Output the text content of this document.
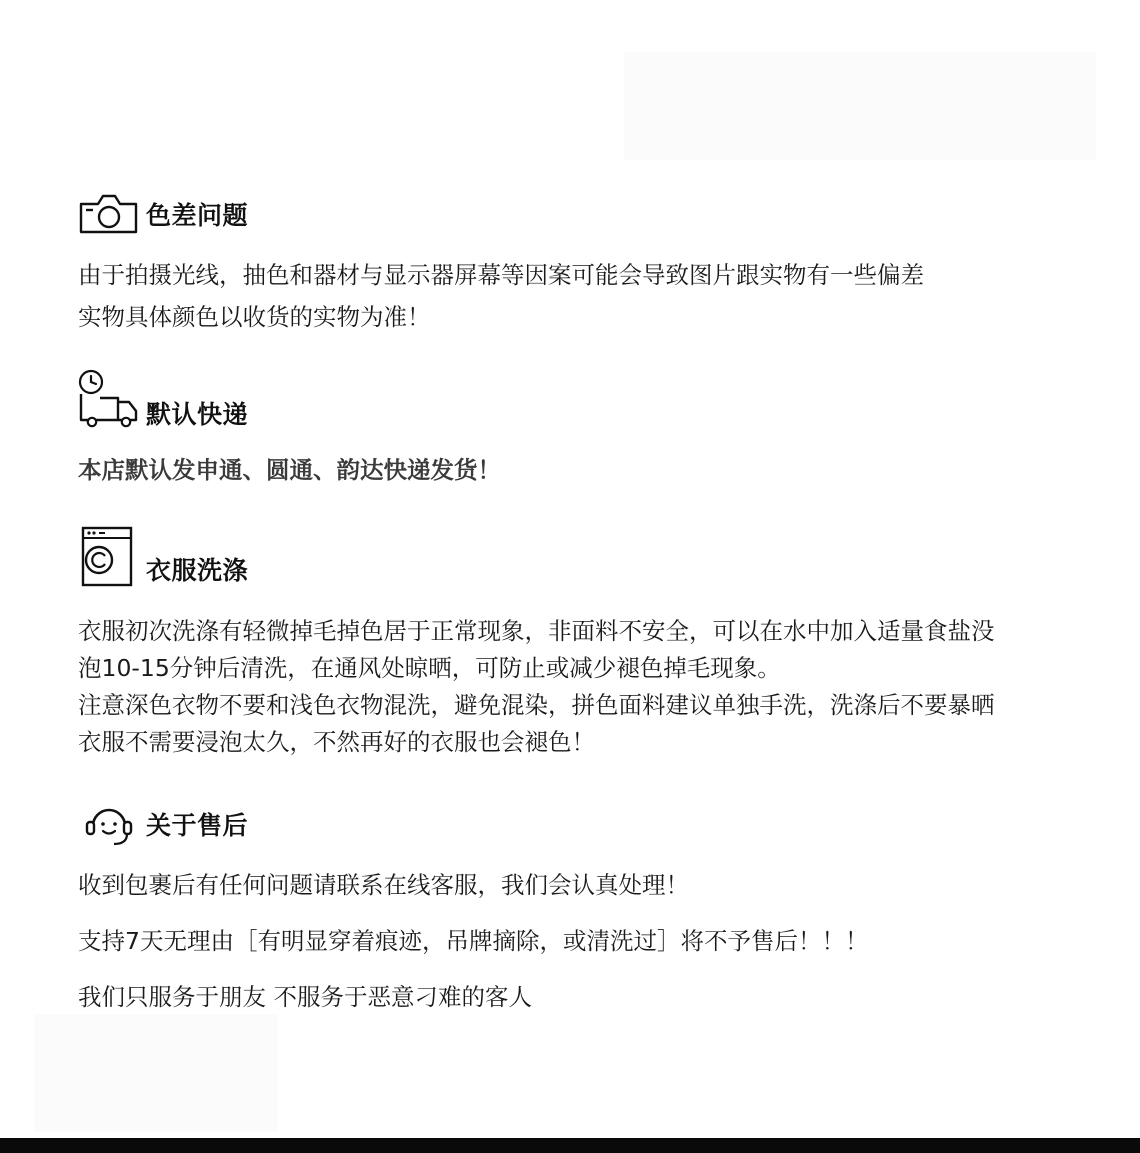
色差问题
由于拍摄光线，抽色和器材与显示器屏幕等因案可能会导致图片跟实物有一些偏差
实物具体颜色以收货的实物为准！
默认快递
本店默认发申通、圆通、韵达快递发货！
衣服洗涤
衣服初次洗涤有轻微掉毛掉色居于正常现象，非面料不安全，可以在水中加入适量食盐没
泡10-15分钟后清洗，在通风处晾晒，可防止或减少褪色掉毛现象。
注意深色衣物不要和浅色衣物混洗，避免混染，拼色面料建议单独手洗，洗涤后不要暴晒
衣服不需要浸泡太久，不然再好的衣服也会褪色！
关于售后
收到包裹后有任何问题请联系在线客服，我们会认真处理！
支持7天无理由［有明显穿着痕迹，吊牌摘除，或清洗过］将不予售后！！！
我们只服务于朋友 不服务于恶意刁难的客人
